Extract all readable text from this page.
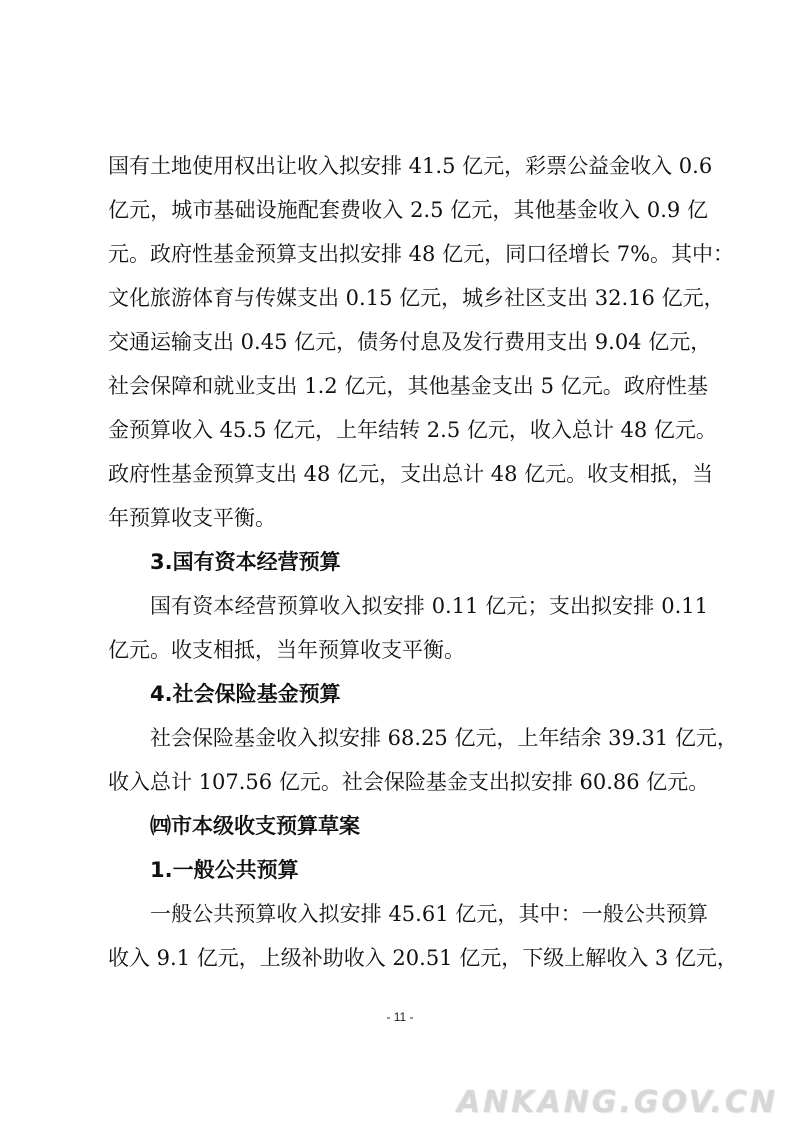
国有土地使用权出让收入拟安排 41.5 亿元，彩票公益金收入 0.6
亿元，城市基础设施配套费收入 2.5 亿元，其他基金收入 0.9 亿
元。政府性基金预算支出拟安排 48 亿元，同口径增长 7%。其中：
文化旅游体育与传媒支出 0.15 亿元，城乡社区支出 32.16 亿元，
交通运输支出 0.45 亿元，债务付息及发行费用支出 9.04 亿元，
社会保障和就业支出 1.2 亿元，其他基金支出 5 亿元。政府性基
金预算收入 45.5 亿元，上年结转 2.5 亿元，收入总计 48 亿元。
政府性基金预算支出 48 亿元，支出总计 48 亿元。收支相抵，当
年预算收支平衡。
3.国有资本经营预算
国有资本经营预算收入拟安排 0.11 亿元；支出拟安排 0.11
亿元。收支相抵，当年预算收支平衡。
4.社会保险基金预算
社会保险基金收入拟安排 68.25 亿元，上年结余 39.31 亿元，
收入总计 107.56 亿元。社会保险基金支出拟安排 60.86 亿元。
㈣市本级收支预算草案
1.一般公共预算
一般公共预算收入拟安排 45.61 亿元，其中：一般公共预算
收入 9.1 亿元，上级补助收入 20.51 亿元，下级上解收入 3 亿元，
- 11 -
ANKANG.GOV.CN
